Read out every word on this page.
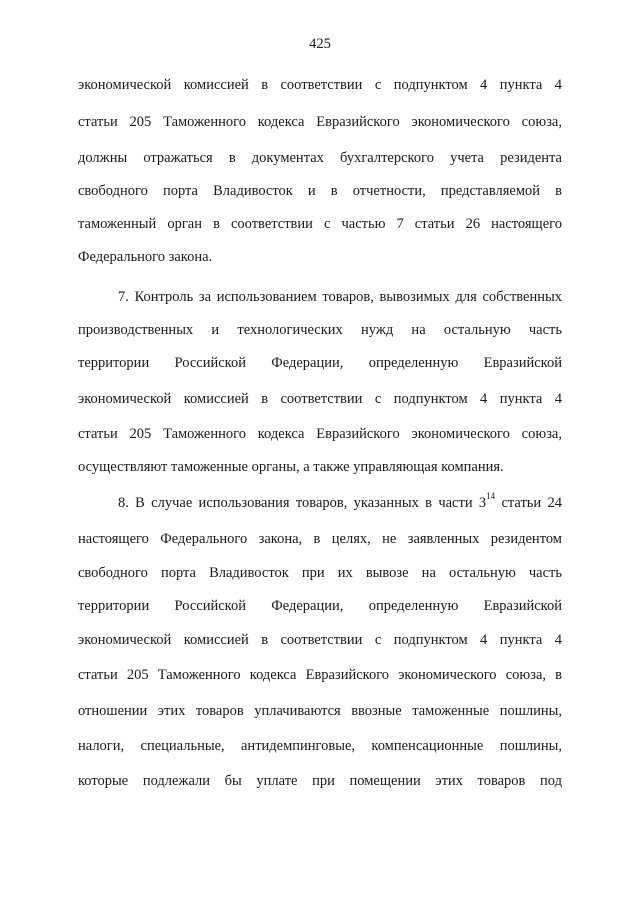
425
экономической комиссией в соответствии с подпунктом 4 пункта 4
статьи 205 Таможенного кодекса Евразийского экономического союза,
должны отражаться в документах бухгалтерского учета резидента
свободного порта Владивосток и в отчетности, представляемой в
таможенный орган в соответствии с частью 7 статьи 26 настоящего
Федерального закона.
7. Контроль за использованием товаров, вывозимых для собственных
производственных и технологических нужд на остальную часть
территории Российской Федерации, определенную Евразийской
экономической комиссией в соответствии с подпунктом 4 пункта 4
статьи 205 Таможенного кодекса Евразийского экономического союза,
осуществляют таможенные органы, а также управляющая компания.
8. В случае использования товаров, указанных в части $3^{14}$ статьи 24
настоящего Федерального закона, в целях, не заявленных резидентом
свободного порта Владивосток при их вывозе на остальную часть
территории Российской Федерации, определенную Евразийской
экономической комиссией в соответствии с подпунктом 4 пункта 4
статьи 205 Таможенного кодекса Евразийского экономического союза, в
отношении этих товаров уплачиваются ввозные таможенные пошлины,
налоги, специальные, антидемпинговые, компенсационные пошлины,
которые подлежали бы уплате при помещении этих товаров под
